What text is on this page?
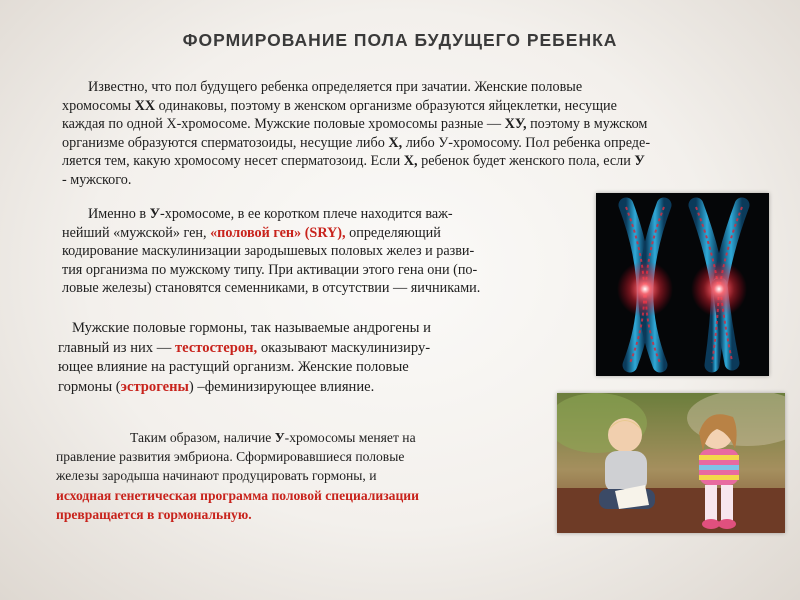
ФОРМИРОВАНИЕ ПОЛА БУДУЩЕГО РЕБЕНКА
Известно, что пол будущего ребенка определяется при зачатии. Женские половые
хромосомы ХХ одинаковы, поэтому в женском организме образуются яйцеклетки, несущие
каждая по одной Х-хромосоме. Мужские половые хромосомы разные — ХУ, поэтому в мужском
организме образуются сперматозоиды, несущие либо Х, либо У-хромосому. Пол ребенка опреде-
ляется тем, какую хромосому несет сперматозоид. Если Х, ребенок будет женского пола, если У
- мужского.
Именно в У-хромосоме, в ее коротком плече находится важ-
нейший «мужской» ген, «половой ген» (SRY), определяющий
кодирование маскулинизации зародышевых половых желез и разви-
тия организма по мужскому типу. При активации этого гена они (по-
ловые железы) становятся семенниками, в отсутствии — яичниками.
Мужские половые гормоны, так называемые андрогены и
главный из них — тестостерон, оказывают маскулинизиру-
ющее влияние на растущий организм. Женские половые
гормоны (эстрогены) –феминизирующее влияние.
Таким образом, наличие У-хромосомы меняет на
правление развития эмбриона. Сформировавшиеся половые
железы зародыша начинают продуцировать гормоны, и
исходная генетическая программа половой специализации
превращается в гормональную.
